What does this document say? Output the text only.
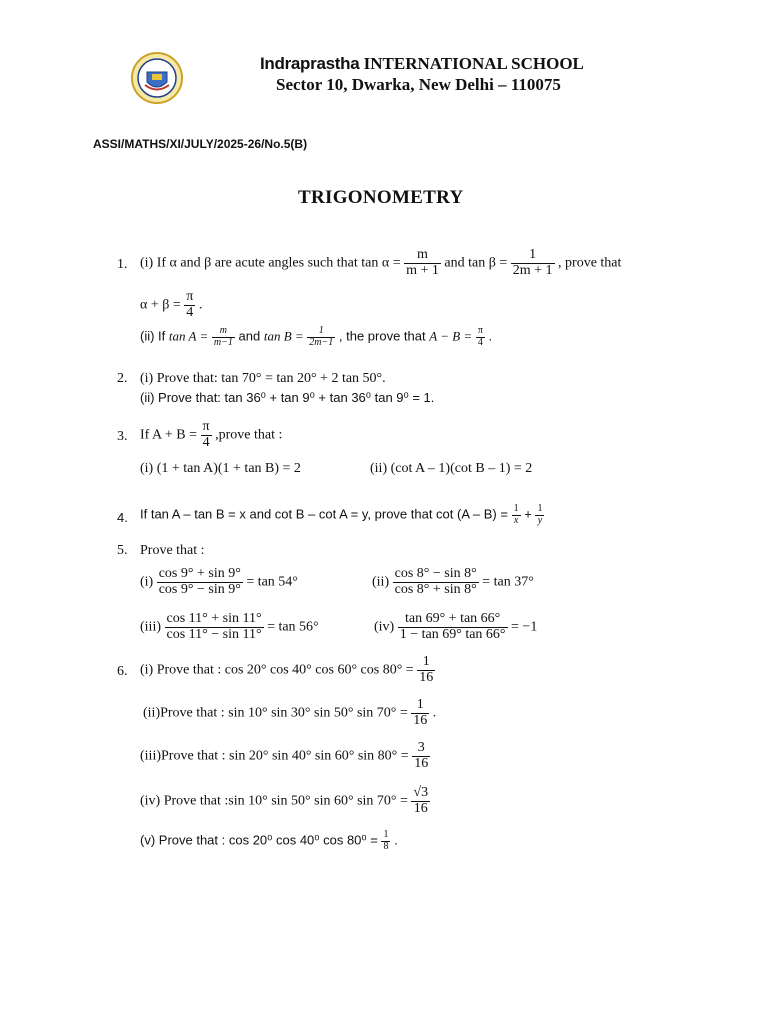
Indraprastha INTERNATIONAL SCHOOL
Sector 10, Dwarka, New Delhi – 110075
ASSI/MATHS/XI/JULY/2025-26/No.5(B)
TRIGONOMETRY
1. (i) If α and β are acute angles such that $\tan \alpha = \frac{m}{m + 1}$ and $\tan \beta = \frac{1}{2m + 1}$ , prove that
$\alpha + \beta = \frac{\pi}{4}$ .
(ii) If $\tan A = \frac{m}{m-1}$ and $\tan B = \frac{1}{2m-1}$ , the prove that $A - B = \frac{\pi}{4}$ .
2. (i) Prove that: tan 70° = tan 20° + 2 tan 50°.
(ii) Prove that: tan 36⁰ + tan 9⁰ + tan 36⁰ tan 9⁰ = 1.
3. If $A + B = \frac{\pi}{4}$ ,prove that :
(i) (1 + tan A)(1 + tan B) = 2	(ii) (cot A – 1)(cot B – 1) = 2
4. If tan A – tan B = x and cot B – cot A = y, prove that $\cot (A - B) = \frac{1}{x} + \frac{1}{y}$
5. Prove that :
$(i) \frac{\cos 9^\circ + \sin 9^\circ}{\cos 9^\circ - \sin 9^\circ} = \tan 54^\circ$	$(ii) \frac{\cos 8^\circ - \sin 8^\circ}{\cos 8^\circ + \sin 8^\circ} = \tan 37^\circ$
$(iii) \frac{\cos 11^\circ + \sin 11^\circ}{\cos 11^\circ - \sin 11^\circ} = \tan 56^\circ$	$(iv) \frac{\tan 69^\circ + \tan 66^\circ}{1 - \tan 69^\circ \tan 66^\circ} = -1$
6. (i) Prove that : cos 20° cos 40° cos 60° $\cos 80^\circ = \frac{1}{16}$
(ii)Prove that : sin 10° sin 30° sin 50° $\sin 70^\circ = \frac{1}{16}$ .
(iii)Prove that : sin 20° sin 40° sin 60° $\sin 80^\circ = \frac{3}{16}$
(iv) Prove that :sin 10° sin 50° sin 60° $\sin 70^\circ = \frac{√3}{16}$
(v) Prove that : cos 20⁰ cos 40⁰ $\cos 80^0 = \frac{1}{8}$ .
